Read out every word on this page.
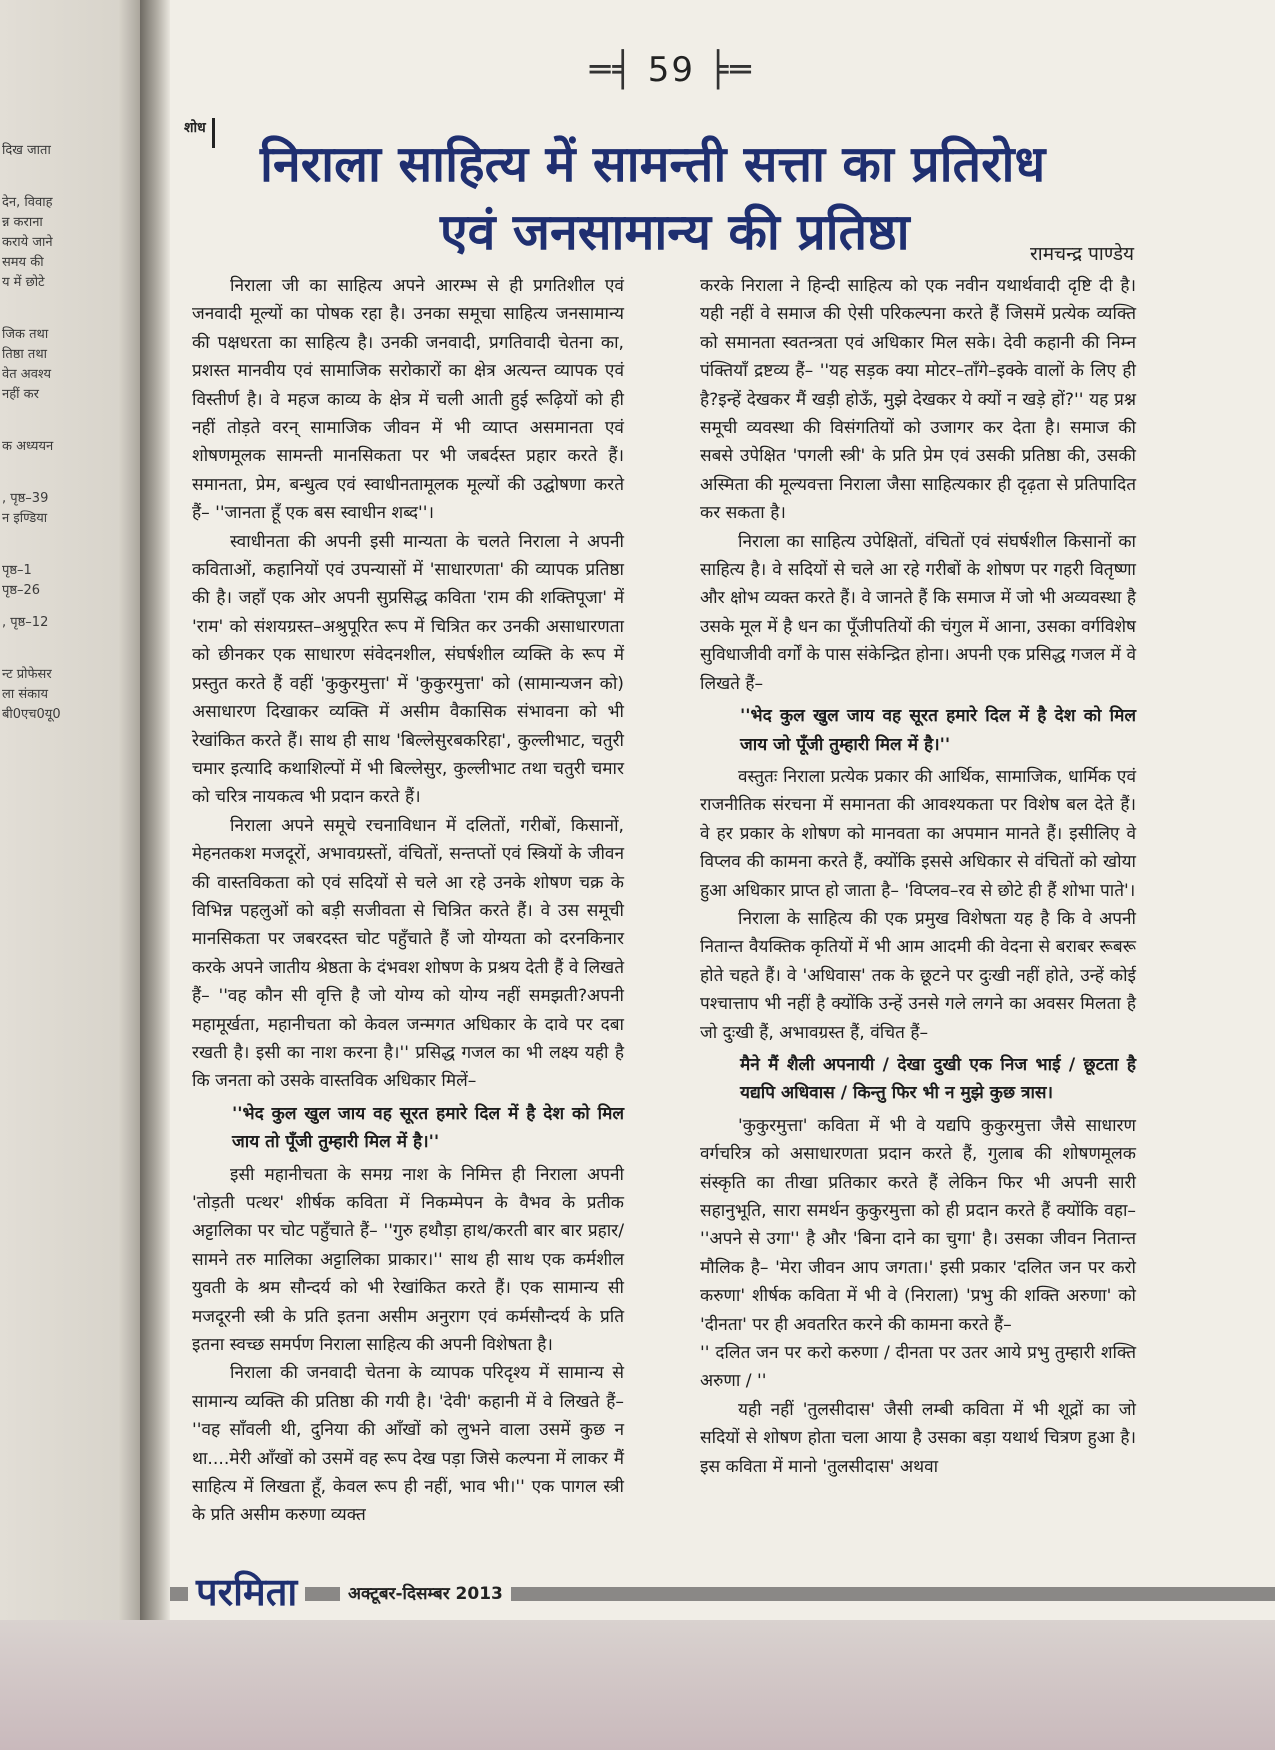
दिख जाता
देन, विवाह
न्न कराना
कराये जाने
समय की
य में छोटे
जिक तथा
तिष्ठा तथा
वेत अवश्य
नहीं कर
क अध्ययन
, पृष्ठ–39
न इण्डिया
पृष्ठ–1
पृष्ठ–26
, पृष्ठ–12
न्ट प्रोफेसर
ला संकाय
बी0एच0यू0
═╡ 59 ╞═
शोध
निराला साहित्य में सामन्ती सत्ता का प्रतिरोध
एवं जनसामान्य की प्रतिष्ठा	रामचन्द्र पाण्डेय

निराला जी का साहित्य अपने आरम्भ से ही प्रगतिशील एवं जनवादी मूल्यों का पोषक रहा है। उनका समूचा साहित्य जनसामान्य की पक्षधरता का साहित्य है। उनकी जनवादी, प्रगतिवादी चेतना का, प्रशस्त मानवीय एवं सामाजिक सरोकारों का क्षेत्र अत्यन्त व्यापक एवं विस्तीर्ण है। वे महज काव्य के क्षेत्र में चली आती हुई रूढ़ियों को ही नहीं तोड़ते वरन् सामाजिक जीवन में भी व्याप्त असमानता एवं शोषणमूलक सामन्ती मानसिकता पर भी जबर्दस्त प्रहार करते हैं। समानता, प्रेम, बन्धुत्व एवं स्वाधीनतामूलक मूल्यों की उद्घोषणा करते हैं– ''जानता हूँ एक बस स्वाधीन शब्द''।

स्वाधीनता की अपनी इसी मान्यता के चलते निराला ने अपनी कविताओं, कहानियों एवं उपन्यासों में 'साधारणता' की व्यापक प्रतिष्ठा की है। जहाँ एक ओर अपनी सुप्रसिद्ध कविता 'राम की शक्तिपूजा' में 'राम' को संशयग्रस्त–अश्रुपूरित रूप में चित्रित कर उनकी असाधारणता को छीनकर एक साधारण संवेदनशील, संघर्षशील व्यक्ति के रूप में प्रस्तुत करते हैं वहीं 'कुकुरमुत्ता' में 'कुकुरमुत्ता' को (सामान्यजन को) असाधारण दिखाकर व्यक्ति में असीम वैकासिक संभावना को भी रेखांकित करते हैं। साथ ही साथ 'बिल्लेसुरबकरिहा', कुल्लीभाट, चतुरी चमार इत्यादि कथाशिल्पों में भी बिल्लेसुर, कुल्लीभाट तथा चतुरी चमार को चरित्र नायकत्व भी प्रदान करते हैं।

निराला अपने समूचे रचनाविधान में दलितों, गरीबों, किसानों, मेहनतकश मजदूरों, अभावग्रस्तों, वंचितों, सन्तप्तों एवं स्त्रियों के जीवन की वास्तविकता को एवं सदियों से चले आ रहे उनके शोषण चक्र के विभिन्न पहलुओं को बड़ी सजीवता से चित्रित करते हैं। वे उस समूची मानसिकता पर जबरदस्त चोट पहुँचाते हैं जो योग्यता को दरनकिनार करके अपने जातीय श्रेष्ठता के दंभवश शोषण के प्रश्रय देती हैं वे लिखते हैं– ''वह कौन सी वृत्ति है जो योग्य को योग्य नहीं समझती?अपनी महामूर्खता, महानीचता को केवल जन्मगत अधिकार के दावे पर दबा रखती है। इसी का नाश करना है।'' प्रसिद्ध गजल का भी लक्ष्य यही है कि जनता को उसके वास्तविक अधिकार मिलें–

''भेद कुल खुल जाय वह सूरत हमारे दिल में है देश को मिल जाय तो पूँजी तुम्हारी मिल में है।''

इसी महानीचता के समग्र नाश के निमित्त ही निराला अपनी 'तोड़ती पत्थर' शीर्षक कविता में निकम्मेपन के वैभव के प्रतीक अट्टालिका पर चोट पहुँचाते हैं– ''गुरु हथौड़ा हाथ/करती बार बार प्रहार/सामने तरु मालिका अट्टालिका प्राकार।'' साथ ही साथ एक कर्मशील युवती के श्रम सौन्दर्य को भी रेखांकित करते हैं। एक सामान्य सी मजदूरनी स्त्री के प्रति इतना असीम अनुराग एवं कर्मसौन्दर्य के प्रति इतना स्वच्छ समर्पण निराला साहित्य की अपनी विशेषता है।

निराला की जनवादी चेतना के व्यापक परिदृश्य में सामान्य से सामान्य व्यक्ति की प्रतिष्ठा की गयी है। 'देवी' कहानी में वे लिखते हैं– ''वह साँवली थी, दुनिया की आँखों को लुभने वाला उसमें कुछ न था....मेरी आँखों को उसमें वह रूप देख पड़ा जिसे कल्पना में लाकर मैं साहित्य में लिखता हूँ, केवल रूप ही नहीं, भाव भी।'' एक पागल स्त्री के प्रति असीम करुणा व्यक्त

करके निराला ने हिन्दी साहित्य को एक नवीन यथार्थवादी दृष्टि दी है। यही नहीं वे समाज की ऐसी परिकल्पना करते हैं जिसमें प्रत्येक व्यक्ति को समानता स्वतन्त्रता एवं अधिकार मिल सके। देवी कहानी की निम्न पंक्तियाँ द्रष्टव्य हैं– ''यह सड़क क्या मोटर–ताँगे–इक्के वालों के लिए ही है?इन्हें देखकर मैं खड़ी होऊँ, मुझे देखकर ये क्यों न खड़े हों?'' यह प्रश्न समूची व्यवस्था की विसंगतियों को उजागर कर देता है। समाज की सबसे उपेक्षित 'पगली स्त्री' के प्रति प्रेम एवं उसकी प्रतिष्ठा की, उसकी अस्मिता की मूल्यवत्ता निराला जैसा साहित्यकार ही दृढ़ता से प्रतिपादित कर सकता है।

निराला का साहित्य उपेक्षितों, वंचितों एवं संघर्षशील किसानों का साहित्य है। वे सदियों से चले आ रहे गरीबों के शोषण पर गहरी वितृष्णा और क्षोभ व्यक्त करते हैं। वे जानते हैं कि समाज में जो भी अव्यवस्था है उसके मूल में है धन का पूँजीपतियों की चंगुल में आना, उसका वर्गविशेष सुविधाजीवी वर्गों के पास संकेन्द्रित होना। अपनी एक प्रसिद्ध गजल में वे लिखते हैं–

''भेद कुल खुल जाय वह सूरत हमारे दिल में है देश को मिल जाय जो पूँजी तुम्हारी मिल में है।''

वस्तुतः निराला प्रत्येक प्रकार की आर्थिक, सामाजिक, धार्मिक एवं राजनीतिक संरचना में समानता की आवश्यकता पर विशेष बल देते हैं। वे हर प्रकार के शोषण को मानवता का अपमान मानते हैं। इसीलिए वे विप्लव की कामना करते हैं, क्योंकि इससे अधिकार से वंचितों को खोया हुआ अधिकार प्राप्त हो जाता है– 'विप्लव–रव से छोटे ही हैं शोभा पाते'।

निराला के साहित्य की एक प्रमुख विशेषता यह है कि वे अपनी नितान्त वैयक्तिक कृतियों में भी आम आदमी की वेदना से बराबर रूबरू होते चहते हैं। वे 'अधिवास' तक के छूटने पर दुःखी नहीं होते, उन्हें कोई पश्चात्ताप भी नहीं है क्योंकि उन्हें उनसे गले लगने का अवसर मिलता है जो दुःखी हैं, अभावग्रस्त हैं, वंचित हैं–

मैने मैं शैली अपनायी / देखा दुखी एक निज भाई / छूटता है यद्यपि अधिवास / किन्तु फिर भी न मुझे कुछ त्रास।

'कुकुरमुत्ता' कविता में भी वे यद्यपि कुकुरमुत्ता जैसे साधारण वर्गचरित्र को असाधारणता प्रदान करते हैं, गुलाब की शोषणमूलक संस्कृति का तीखा प्रतिकार करते हैं लेकिन फिर भी अपनी सारी सहानुभूति, सारा समर्थन कुकुरमुत्ता को ही प्रदान करते हैं क्योंकि वहा– ''अपने से उगा'' है और 'बिना दाने का चुगा' है। उसका जीवन नितान्त मौलिक है– 'मेरा जीवन आप जगता।' इसी प्रकार 'दलित जन पर करो करुणा' शीर्षक कविता में भी वे (निराला) 'प्रभु की शक्ति अरुणा' को 'दीनता' पर ही अवतरित करने की कामना करते हैं–

'' दलित जन पर करो करुणा / दीनता पर उतर आये प्रभु तुम्हारी शक्ति अरुणा / ''

यही नहीं 'तुलसीदास' जैसी लम्बी कविता में भी शूद्रों का जो सदियों से शोषण होता चला आया है उसका बड़ा यथार्थ चित्रण हुआ है। इस कविता में मानो 'तुलसीदास' अथवा

परमिता	अक्टूबर-दिसम्बर 2013
